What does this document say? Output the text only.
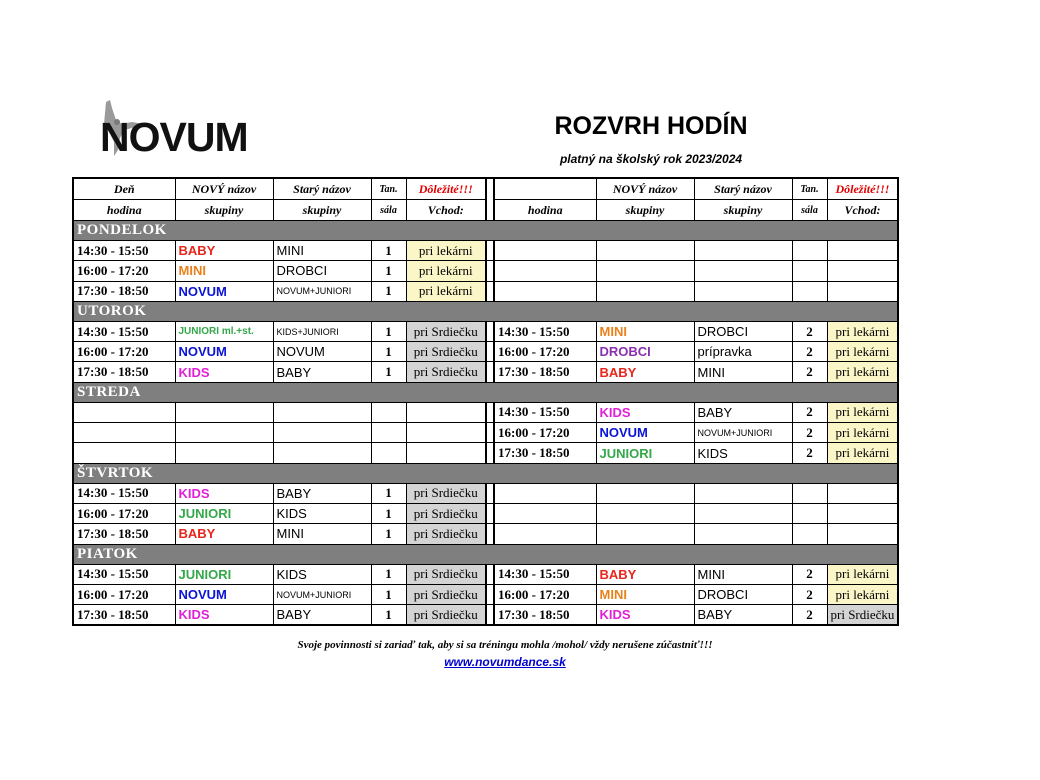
NOVUM	ROZVRH HODÍN
platný na školský rok 2023/2024
Deň	NOVÝ názov	Starý názov	Tan.	Dôležité!!!			NOVÝ názov	Starý názov	Tan.	Dôležité!!!
hodina	skupiny	skupiny	sála	Vchod:		hodina	skupiny	skupiny	sála	Vchod:
PONDELOK										
14:30 - 15:50	BABY	MINI	1	pri lekárni						
16:00 - 17:20	MINI	DROBCI	1	pri lekárni						
17:30 - 18:50	NOVUM	NOVUM+JUNIORI	1	pri lekárni						
UTOROK										
14:30 - 15:50	JUNIORI ml.+st.	KIDS+JUNIORI	1	pri Srdiečku		14:30 - 15:50	MINI	DROBCI	2	pri lekárni
16:00 - 17:20	NOVUM	NOVUM	1	pri Srdiečku		16:00 - 17:20	DROBCI	prípravka	2	pri lekárni
17:30 - 18:50	KIDS	BABY	1	pri Srdiečku		17:30 - 18:50	BABY	MINI	2	pri lekárni
STREDA										
						14:30 - 15:50	KIDS	BABY	2	pri lekárni
						16:00 - 17:20	NOVUM	NOVUM+JUNIORI	2	pri lekárni
						17:30 - 18:50	JUNIORI	KIDS	2	pri lekárni
ŠTVRTOK										
14:30 - 15:50	KIDS	BABY	1	pri Srdiečku						
16:00 - 17:20	JUNIORI	KIDS	1	pri Srdiečku						
17:30 - 18:50	BABY	MINI	1	pri Srdiečku						
PIATOK										
14:30 - 15:50	JUNIORI	KIDS	1	pri Srdiečku		14:30 - 15:50	BABY	MINI	2	pri lekárni
16:00 - 17:20	NOVUM	NOVUM+JUNIORI	1	pri Srdiečku		16:00 - 17:20	MINI	DROBCI	2	pri lekárni
17:30 - 18:50	KIDS	BABY	1	pri Srdiečku		17:30 - 18:50	KIDS	BABY	2	pri Srdiečku
Svoje povinnosti si zariaď tak, aby si sa tréningu mohla /mohol/ vždy nerušene zúčastniť!!!
www.novumdance.sk
